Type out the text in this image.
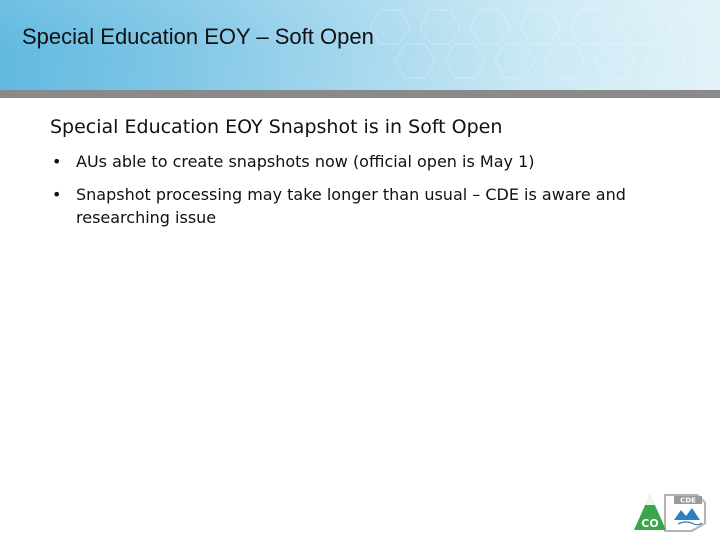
Special Education EOY – Soft Open
Special Education EOY Snapshot is in Soft Open
• AUs able to create snapshots now (official open is May 1)
• Snapshot processing may take longer than usual – CDE is aware and researching issue
CDE
CO
